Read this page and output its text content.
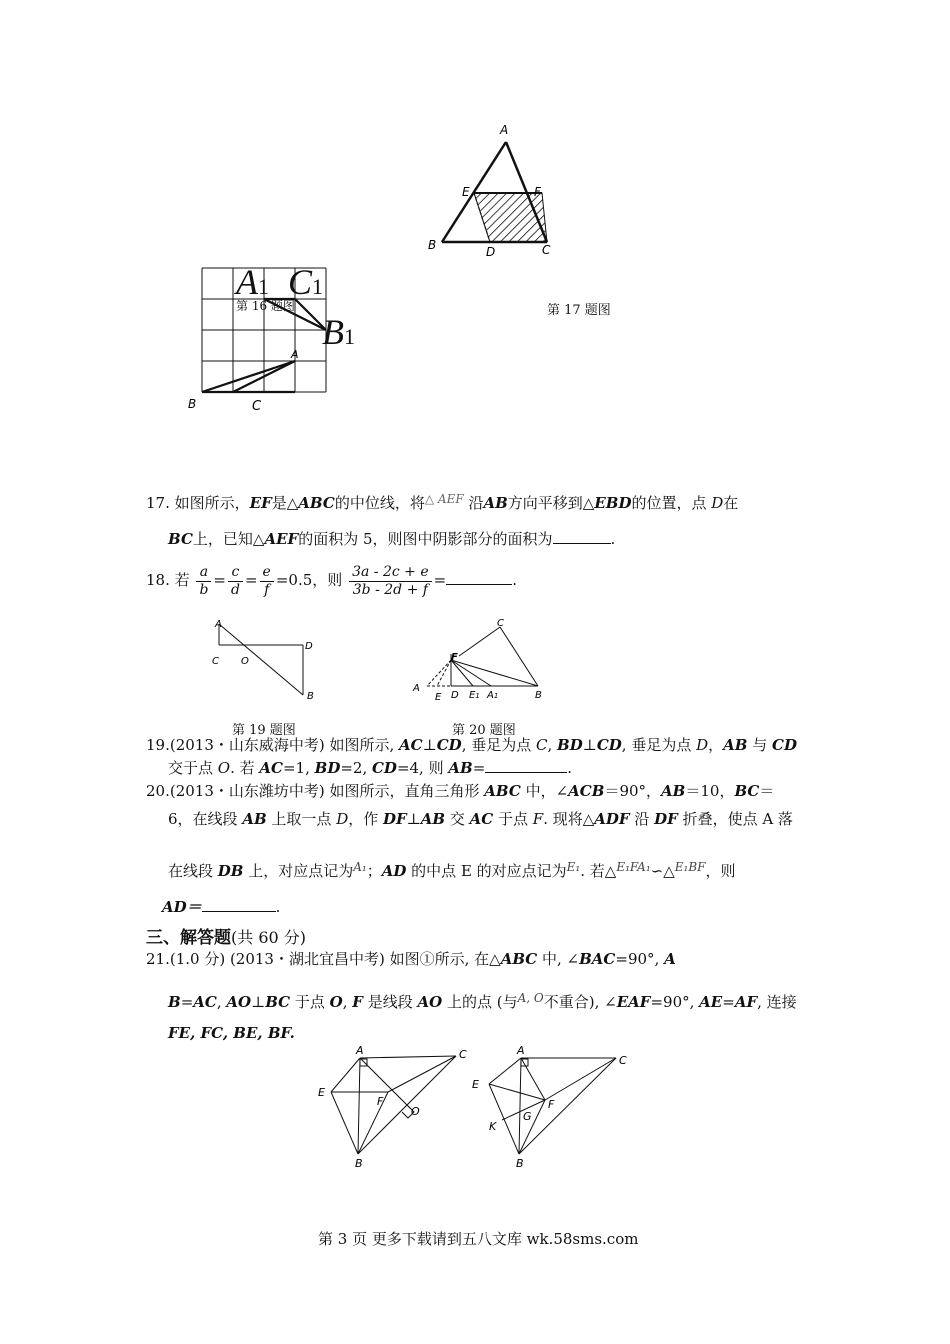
A
E	F
B	D	C
第 17 题图
A
B	C
A1 C1
B1
第 16 题图
17. 如图所示，EF是△ABC的中位线，将$^{\triangle AEF}$ 沿AB方向平移到△EBD的位置，点 D在
BC上，已知△AEF的面积为 5，则图中阴影部分的面积为	.
18. 若 $\frac{a}{b} = \frac{c}{d} = \frac{e}{f} =0.5$，则 $\frac{3a - 2c + e}{3b - 2d + f}$ =	.
A
C O
D
B
第 19 题图
C
F
A
E D E1 A1	B
第 20 题图
19.(2013・山东威海中考) 如图所示, AC⊥CD, 垂足为点 C, BD⊥CD, 垂足为点 D，AB 与 CD
交于点 O. 若 AC=1, BD=2, CD=4, 则 AB=	.
20.(2013・山东潍坊中考) 如图所示，直角三角形 ABC 中，∠ACB＝90°，AB＝10，BC＝
6，在线段 AB 上取一点 D，作 DF⊥AB 交 AC 于点 F. 现将△ADF 沿 DF 折叠，使点 A 落
在线段 DB 上，对应点记为$^{A_1}$；AD 的中点 E 的对应点记为$^{E_1}$. 若△$^{E_1FA_1}$∽△$^{E_1BF}$，则
AD＝	.
三、解答题(共 60 分)
21.(1.0 分) (2013・湖北宜昌中考) 如图①所示, 在△ABC 中, ∠BAC=90°, A
B=AC, AO⊥BC 于点 O, F 是线段 AO 上的点 (与$^{A, O}$不重合), ∠EAF=90°, AE=AF, 连接
FE, FC, BE, BF.
A	C
E
F
O
B
A
C
E
F
K
G
B
第 3 页 更多下载请到五八文库 wk.58sms.com
